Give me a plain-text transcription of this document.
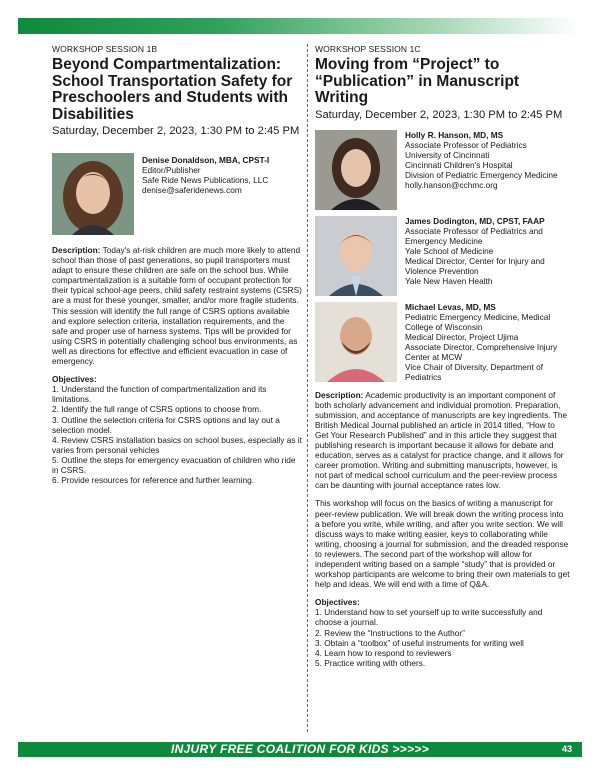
WORKSHOP SESSION 1B

Beyond Compartmentalization: School Transportation Safety for Preschoolers and Students with Disabilities

Saturday, December 2, 2023, 1:30 PM to 2:45 PM

Denise Donaldson, MBA, CPST-I
Editor/Publisher
Safe Ride News Publications, LLC
denise@saferidenews.com

Description: Today's at-risk children are much more likely to attend school than those of past generations, so pupil transporters must adapt to ensure these children are safe on the school bus. While compartmentalization is a suitable form of occupant protection for their typical school-age peers, child safety restraint systems (CSRS) are a must for these younger, smaller, and/or more fragile students. This session will identify the full range of CSRS options available and explore selection criteria, installation requirements, and the safe and proper use of harness systems. Tips will be provided for using CSRS in potentially challenging school bus environments, as well as directions for effective and efficient evacuation in case of emergency.

Objectives:

1. Understand the function of compartmentalization and its limitations.
2. Identify the full range of CSRS options to choose from.
3. Outline the selection criteria for CSRS options and lay out a selection model.
4. Review CSRS installation basics on school buses, especially as it varies from personal vehicles
5. Outline the steps for emergency evacuation of children who ride in CSRS.
6. Provide resources for reference and further learning.

WORKSHOP SESSION 1C

Moving from “Project” to “Publication” in Manuscript Writing

Saturday, December 2, 2023, 1:30 PM to 2:45 PM

Holly R. Hanson, MD, MS
Associate Professor of Pediatrics
University of Cincinnati
Cincinnati Children's Hospital
Division of Pediatric Emergency Medicine
holly.hanson@cchmc.org
James Dodington, MD, CPST, FAAP
Associate Professor of Pediatrics and Emergency Medicine
Yale School of Medicine
Medical Director, Center for Injury and Violence Prevention
Yale New Haven Health
Michael Levas, MD, MS
Pediatric Emergency Medicine, Medical College of Wisconsin
Medical Director, Project Ujima
Associate Director, Comprehensive Injury Center at MCW
Vice Chair of Diversity, Department of Pediatrics

Description: Academic productivity is an important component of both scholarly advancement and individual promotion. Preparation, submission, and acceptance of manuscripts are key ingredients. The British Medical Journal published an article in 2014 titled, “How to Get Your Research Published” and in this article they suggest that publishing research is important because it allows for debate and education, serves as a catalyst for practice change, and it allows for career promotion. Writing and submitting manuscripts, however, is not part of medical school curriculum and the peer-review process can be daunting with journal acceptance rates low.

This workshop will focus on the basics of writing a manuscript for peer-review publication. We will break down the writing process into a before you write, while writing, and after you write section. We will discuss ways to make writing easier, keys to collaborating while writing, choosing a journal for submission, and the dreaded response to reviewers. The second part of the workshop will allow for independent writing based on a sample “study” that is provided or workshop participants are welcome to bring their own materials to get help and ideas. We will end with a time of Q&A.

Objectives:

1. Understand how to set yourself up to write successfully and choose a journal.
2. Review the “Instructions to the Author”
3. Obtain a “toolbox” of useful instruments for writing well
4. Learn how to respond to reviewers
5. Practice writing with others.
INJURY FREE COALITION FOR KIDS >>>>>	43
